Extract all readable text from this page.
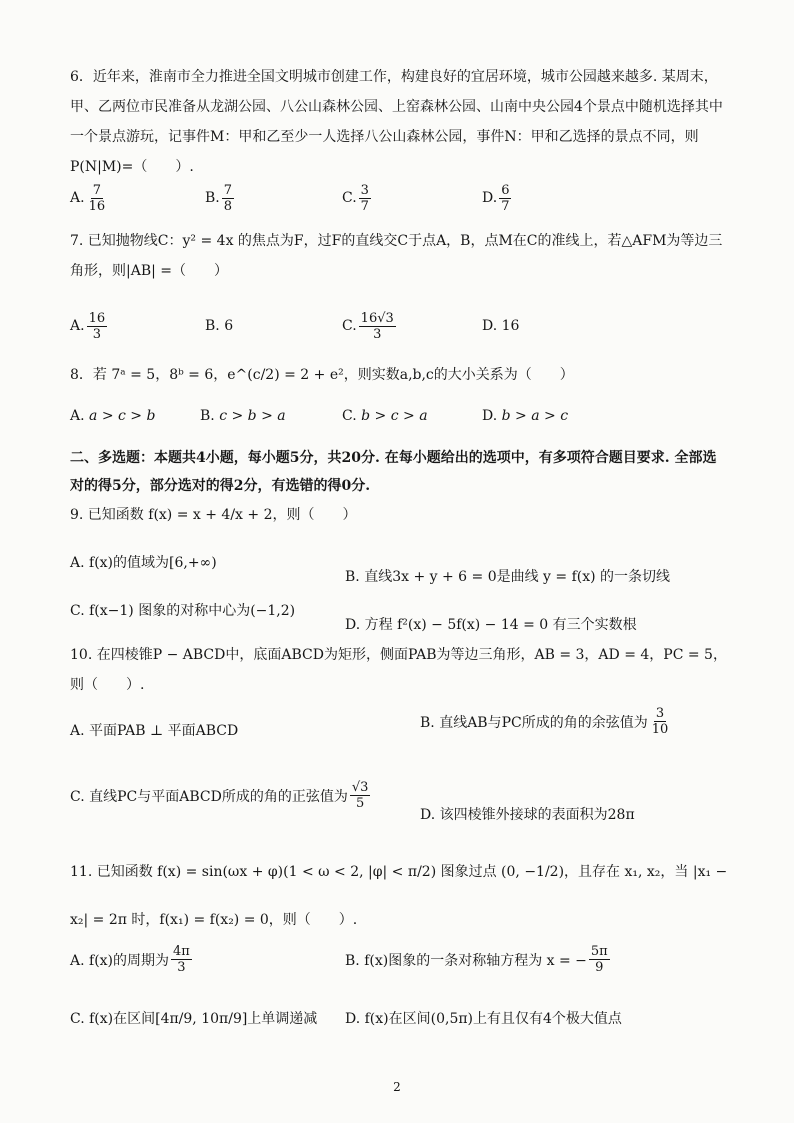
6．近年来，淮南市全力推进全国文明城市创建工作，构建良好的宜居环境，城市公园越来越多. 某周末，甲、乙两位市民准备从龙湖公园、八公山森林公园、上窑森林公园、山南中央公园4个景点中随机选择其中一个景点游玩，记事件M：甲和乙至少一人选择八公山森林公园，事件N：甲和乙选择的景点不同，则P(N|M)=（　　）.

A. $\frac{7}{16}$	B. $\frac{7}{8}$	C. $\frac{3}{7}$	D. $\frac{6}{7}$

7. 已知抛物线C：y² = 4x 的焦点为F，过F的直线交C于点A，B，点M在C的准线上，若△AFM为等边三角形，则|AB| =（　　）

A. $\frac{16}{3}$	B.
6	C. $\frac{16√3}{3}$	D.
16

8．若 7ᵃ = 5，8ᵇ = 6，e^(c/2) = 2 + e²，则实数a,b,c的大小关系为（　　）

A.
a > c > b	B.
c > b > a	C.
b > c > a	D.
b > a > c

二、多选题：本题共4小题，每小题5分，共20分. 在每小题给出的选项中，有多项符合题目要求. 全部选对的得5分，部分选对的得2分，有选错的得0分.

9. 已知函数 f(x) = x + 4/x + 2，则（　　）

A. f(x)的值域为[6,+∞)

B. 直线3x + y + 6 = 0是曲线 y = f(x) 的一条切线

C. f(x−1) 图象的对称中心为(−1,2)

D. 方程 f²(x) − 5f(x) − 14 = 0 有三个实数根

10. 在四棱锥P − ABCD中，底面ABCD为矩形，侧面PAB为等边三角形，AB = 3，AD = 4，PC = 5，则（　　）.

A. 平面PAB ⊥ 平面ABCD

B. 直线AB与PC所成的角的余弦值为 $\frac{3}{10}$
C. 直线PC与平面ABCD所成的角的正弦值为 $\frac{√3}{5}$

D. 该四棱锥外接球的表面积为28π

11. 已知函数 f(x) = sin(ωx + φ)(1 < ω < 2, |φ| < π/2) 图象过点 (0, −1/2)，且存在 x₁, x₂，当 |x₁ − x₂| = 2π 时，f(x₁) = f(x₂) = 0，则（　　）.

A. f(x)的周期为 $\frac{4\pi}{3}$	B. f(x)图象的一条对称轴方程为 x = − $\frac{5\pi}{9}$

C. f(x)在区间[4π/9, 10π/9]上单调递减 D. f(x)在区间(0,5π)上有且仅有4个极大值点

2
